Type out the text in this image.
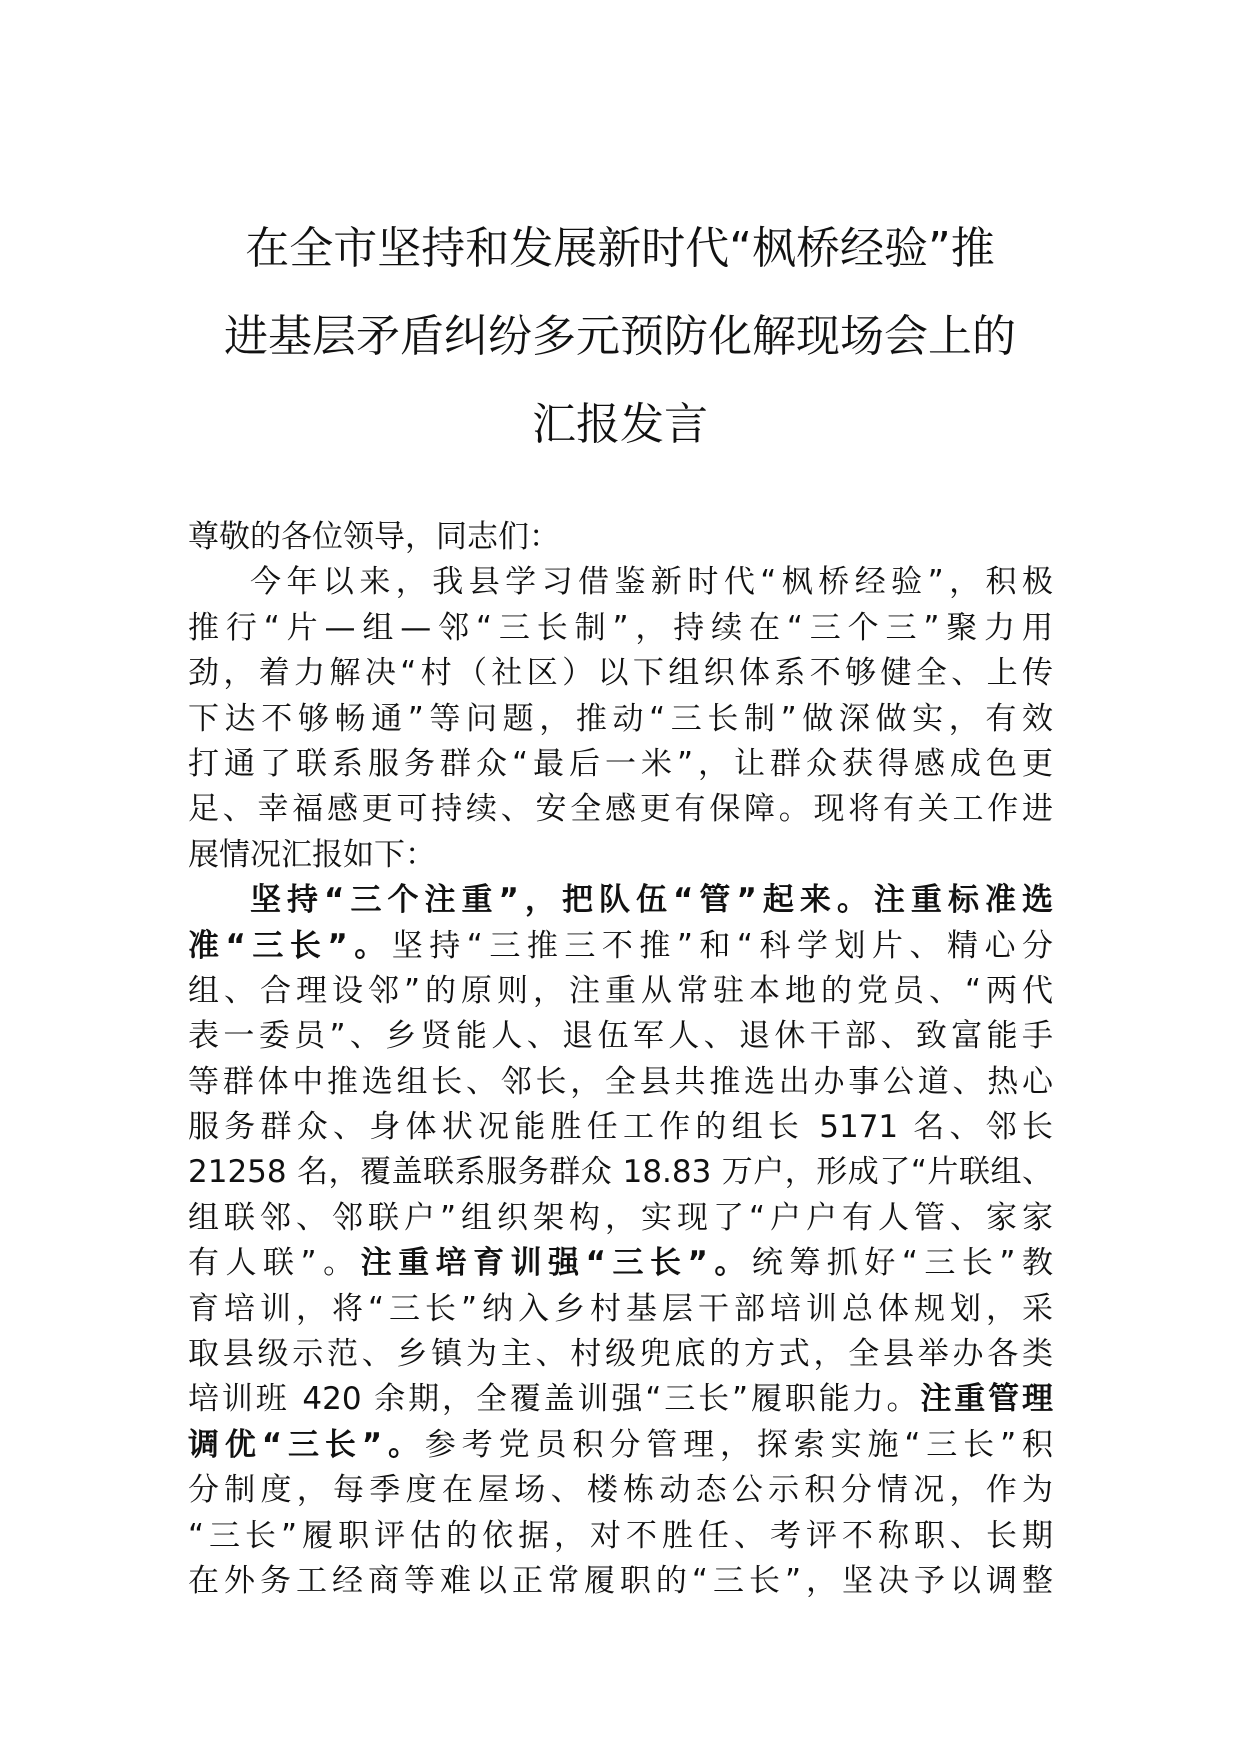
在全市坚持和发展新时代“枫桥经验”推
进基层矛盾纠纷多元预防化解现场会上的
汇报发言
尊敬的各位领导，同志们：
今年以来，我县学习借鉴新时代“枫桥经验”，积极
推行“片—组—邻“三长制”，持续在“三个三”聚力用
劲，着力解决“村（社区）以下组织体系不够健全、上传
下达不够畅通”等问题，推动“三长制”做深做实，有效
打通了联系服务群众“最后一米”，让群众获得感成色更
足、幸福感更可持续、安全感更有保障。现将有关工作进
展情况汇报如下：
坚持“三个注重”，把队伍“管”起来。注重标准选
准“三长”。坚持“三推三不推”和“科学划片、精心分
组、合理设邻”的原则，注重从常驻本地的党员、“两代
表一委员”、乡贤能人、退伍军人、退休干部、致富能手
等群体中推选组长、邻长，全县共推选出办事公道、热心
服务群众、身体状况能胜任工作的组长 5171 名、邻长
21258 名，覆盖联系服务群众 18.83 万户，形成了“片联组、
组联邻、邻联户”组织架构，实现了“户户有人管、家家
有人联”。注重培育训强“三长”。统筹抓好“三长”教
育培训，将“三长”纳入乡村基层干部培训总体规划，采
取县级示范、乡镇为主、村级兜底的方式，全县举办各类
培训班 420 余期，全覆盖训强“三长”履职能力。注重管理
调优“三长”。参考党员积分管理，探索实施“三长”积
分制度，每季度在屋场、楼栋动态公示积分情况，作为
“三长”履职评估的依据，对不胜任、考评不称职、长期
在外务工经商等难以正常履职的“三长”，坚决予以调整
